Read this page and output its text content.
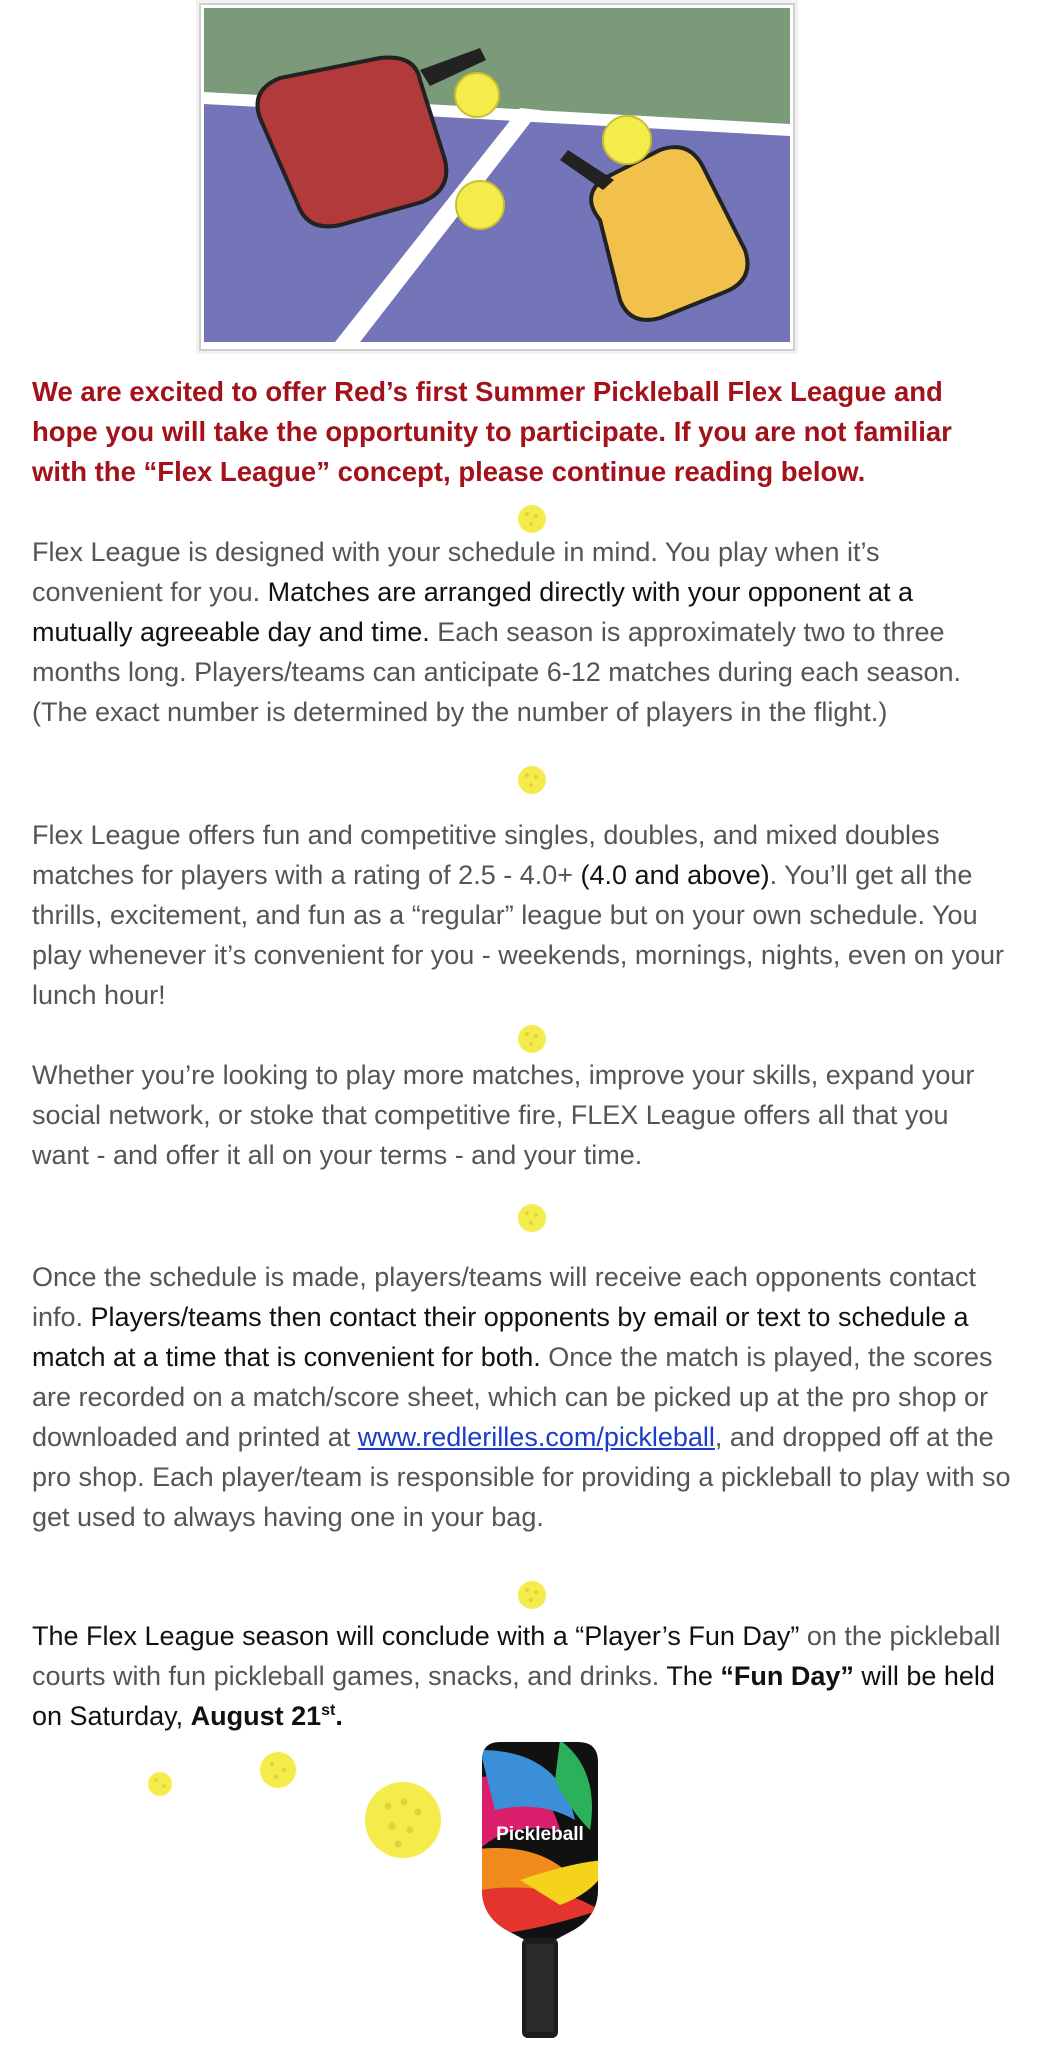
We are excited to offer Red’s first Summer Pickleball Flex League and hope you will take the opportunity to participate. If you are not familiar with the “Flex League” concept, please continue reading below.

Flex League is designed with your schedule in mind. You play when it’s convenient for you. Matches are arranged directly with your opponent at a mutually agreeable day and time. Each season is approximately two to three months long. Players/teams can anticipate 6-12 matches during each season. (The exact number is determined by the number of players in the flight.)

Flex League offers fun and competitive singles, doubles, and mixed doubles matches for players with a rating of 2.5 - 4.0+ (4.0 and above). You’ll get all the thrills, excitement, and fun as a “regular” league but on your own schedule. You play whenever it’s convenient for you - weekends, mornings, nights, even on your lunch hour!

Whether you’re looking to play more matches, improve your skills, expand your social network, or stoke that competitive fire, FLEX League offers all that you want - and offer it all on your terms - and your time.

Once the schedule is made, players/teams will receive each opponents contact info. Players/teams then contact their opponents by email or text to schedule a match at a time that is convenient for both. Once the match is played, the scores are recorded on a match/score sheet, which can be picked up at the pro shop or downloaded and printed at www.redlerilles.com/pickleball, and dropped off at the pro shop. Each player/team is responsible for providing a pickleball to play with so get used to always having one in your bag.

The Flex League season will conclude with a “Player’s Fun Day” on the pickleball courts with fun pickleball games, snacks, and drinks. The “Fun Day” will be held on Saturday, August 21st.

Pickleball
